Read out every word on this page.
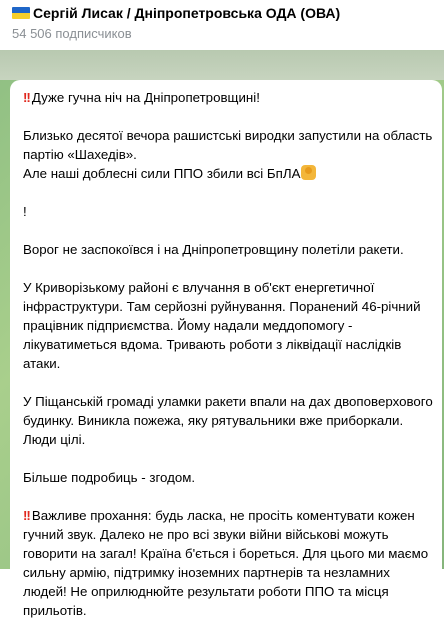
Сергій Лисак / Дніпропетровська ОДА (ОВА)
54 506 подписчиков

!! Дуже гучна ніч на Дніпропетровщині!

Близько десятої вечора рашистські виродки запустили на область партію «Шахедів».
Але наші доблесні сили ППО збили всі БпЛА

!

Ворог не заспокоївся і на Дніпропетровщину полетіли ракети.

У Криворізькому районі є влучання в об'єкт енергетичної інфраструктури. Там серйозні руйнування. Поранений 46-річний працівник підприємства. Йому надали меддопомогу - лікуватиметься вдома. Тривають роботи з ліквідації наслідків атаки.

У Піщанській громаді уламки ракети впали на дах двоповерхового будинку. Виникла пожежа, яку рятувальники вже приборкали. Люди цілі.

Більше подробиць - згодом.

!! Важливе прохання: будь ласка, не просіть коментувати кожен гучний звук. Далеко не про всі звуки війни військові можуть говорити на загал! Країна б'ється і бореться. Для цього ми маємо сильну армію, підтримку іноземних партнерів та незламних людей! Не оприлюднюйте результати роботи ППО та місця прильотів.
